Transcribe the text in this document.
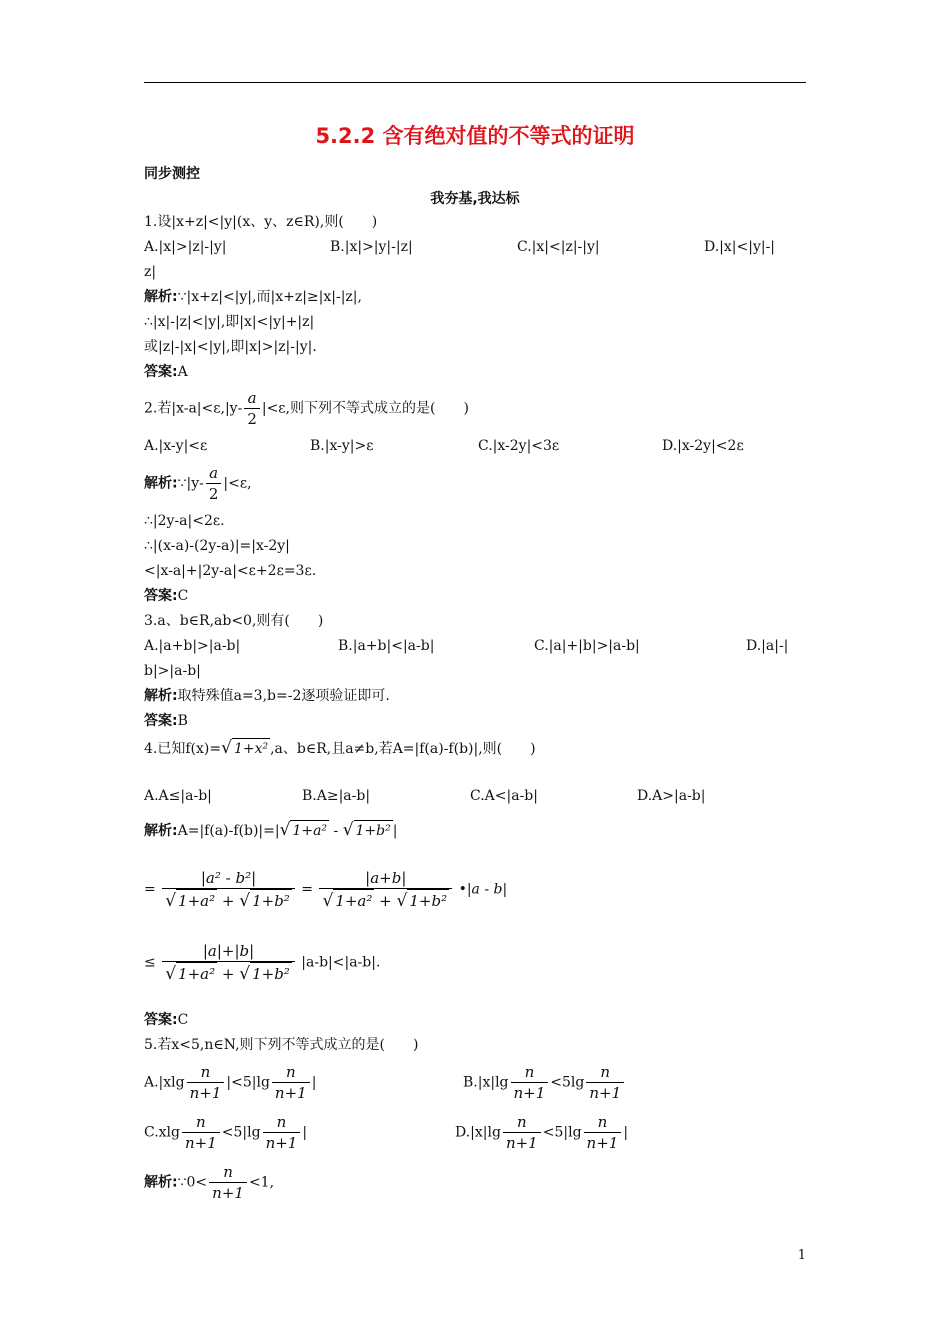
5.2.2 含有绝对值的不等式的证明
同步测控
我夯基,我达标
1.设|x+z|<|y|(x、y、z∈R),则(　　)
A.|x|>|z|-|y|	B.|x|>|y|-|z|	C.|x|<|z|-|y|	D.|x|<|y|-|
z|
解析:∵|x+z|<|y|,而|x+z|≥|x|-|z|,
∴|x|-|z|<|y|,即|x|<|y|+|z|
或|z|-|x|<|y|,即|x|>|z|-|y|.
答案:A
2.若$|x-a|<\varepsilon,|y- \frac{a}{2} |<\varepsilon$,则下列不等式成立的是(　　)
A.|x-y|<ε	B.|x-y|>ε	C.|x-2y|<3ε	D.|x-2y|<2ε
解析:∵|y- $\frac{a}{2} |<\varepsilon$,
∴|2y-a|<2ε.
∴|(x-a)-(2y-a)|=|x-2y|
<|x-a|+|2y-a|<ε+2ε=3ε.
答案:C
3.a、b∈R,ab<0,则有(　　)
A.|a+b|>|a-b|	B.|a+b|<|a-b|	C.|a|+|b|>|a-b|	D.|a|-|
b|>|a-b|
解析:取特殊值a=3,b=-2逐项验证即可.
答案:B
4.已知f(x)=√ 1+x² ,a、b∈R,且a≠b,若A=|f(a)-f(b)|,则(　　)
A.A≤|a-b|	B.A≥|a-b|	C.A<|a-b|	D.A>|a-b|
解析:A=|f(a)-f(b)|=|√ 1+a² - √ 1+b² |
= $\frac{\text{|a² - b²|}}{\text{√ 1+a² + √ 1+b²}} = \frac{|a+b|}{\text{√ 1+a² + √ 1+b²}}$ •|a - b|
≤ $\frac{|a|+|b|}{\text{√ 1+a² + √ 1+b²}} |a-b|<|a-b|$.
答案:C
5.若x<5,n∈N,则下列不等式成立的是(　　)
$A.|xlg \frac{n}{n+1} |<5|\lg \frac{n}{n+1}$ |	$B.|x|\lg \frac{n}{n+1} <5\lg \frac{n}{n+1}$
$C.xlg \frac{n}{n+1} <5|\lg \frac{n}{n+1}$ |	$D.|x|\lg \frac{n}{n+1} <5|\lg \frac{n}{n+1}$ |
解析:∵0< $\frac{n}{n+1} <1$,
1
